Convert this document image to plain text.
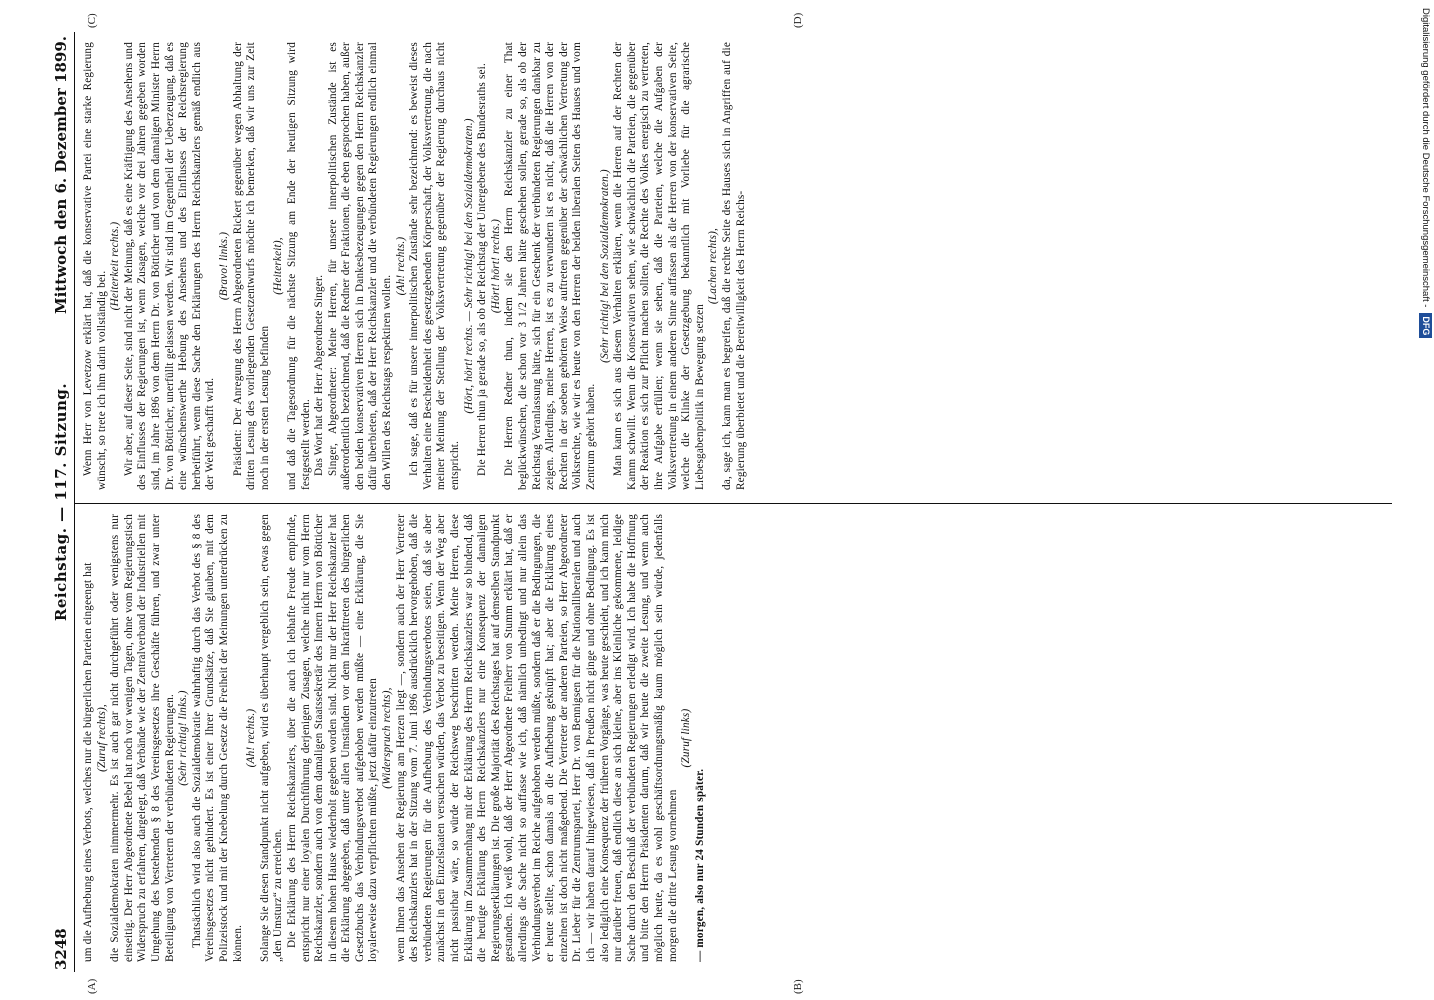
Reichstag. — 117. Sitzung.
3248
Mittwoch den 6. Dezember 1899.
(A)	(B)
(C)	(D)

um die Aufhebung eines Verbots, welches nur die bürgerlichen Parteien eingeengt hat (Zuruf rechts), die Sozialdemokraten nimmermehr. Es ist auch gar nicht durchgeführt oder wenigstens nur einseitig. Der Herr Abgeordnete Bebel hat noch vor wenigen Tagen, ohne vom Regierungstisch Widerspruch zu erfahren, dargelegt, daß Verbände wie der Zentralverband der Industriellen mit Umgehung des bestehenden § 8 des Vereinsgesetzes ihre Geschäfte führen, und zwar unter Beteiligung von Vertretern der verbündeten Regierungen. (Sehr richtig! links.) Thatsächlich wird also auch die Sozialdemokratie wahrhaftig durch das Verbot des § 8 des Vereinsgesetzes nicht gehindert. Es ist einer Ihrer Grundsätze, daß Sie glauben, mit dem Polizeistock und mit der Knebelung durch Gesetze die Freiheit der Meinungen unterdrücken zu können.

(Ah! rechts.) Solange Sie diesen Standpunkt nicht aufgeben, wird es überhaupt vergeblich sein, etwas gegen „den Umsturz“ zu erreichen. Die Erklärung des Herrn Reichskanzlers, über die auch ich lebhafte Freude empfinde, entspricht nur einer loyalen Durchführung derjenigen Zusagen, welche nicht nur vom Herrn Reichskanzler, sondern auch von dem damaligen Staatssekretär des Innern Herrn von Bötticher in diesem hohen Hause wiederholt gegeben worden sind. Nicht nur der Herr Reichskanzler hat die Erklärung abgegeben, daß unter allen Umständen vor dem Inkrafttreten des bürgerlichen Gesetzbuchs das Verbindungsverbot aufgehoben werden müßte — eine Erklärung, die Sie loyalerweise dazu verpflichten müßte, jetzt dafür einzutreten (Widerspruch rechts), wenn Ihnen das Ansehen der Regierung am Herzen liegt —, sondern auch der Herr Vertreter des Reichskanzlers hat in der Sitzung vom 7. Juni 1896 ausdrücklich hervorgehoben, daß die verbündeten Regierungen für die Aufhebung des Verbindungsverbotes seien, daß sie aber zunächst in den Einzelstaaten versuchen würden, das Verbot zu beseitigen. Wenn der Weg aber nicht passirbar wäre, so würde der Reichsweg beschritten werden. Meine Herren, diese Erklärung im Zusammenhang mit der Erklärung des Herrn Reichskanzlers war so bindend, daß die heutige Erklärung des Herrn Reichskanzlers nur eine Konsequenz der damaligen Regierungserklärungen ist. Die große Majorität des Reichstages hat auf demselben Standpunkt gestanden. Ich weiß wohl, daß der Herr Abgeordnete Freiherr von Stumm erklärt hat, daß er allerdings die Sache nicht so auffasse wie ich, daß nämlich unbedingt und nur allein das Verbindungsverbot im Reiche aufgehoben werden müßte, sondern daß er die Bedingungen, die er heute stellte, schon damals an die Aufhebung geknüpft hat; aber die Erklärung eines einzelnen ist doch nicht maßgebend. Die Vertreter der anderen Parteien, so Herr Abgeordneter Dr. Lieber für die Zentrumspartei, Herr Dr. von Bennigsen für die Nationalliberalen und auch ich — wir haben darauf hingewiesen, daß in Preußen nicht ginge und ohne Bedingung. Es ist also lediglich eine Konsequenz der früheren Vorgänge, was heute geschieht, und ich kann mich nur darüber freuen, daß endlich diese an sich kleine, aber ins Kleinliche gekommene, leidige Sache durch den Beschluß der verbündeten Regierungen erledigt wird. Ich habe die Hoffnung und bitte den Herrn Präsidenten darum, daß wir heute die zweite Lesung, und wenn auch möglich heute, da es wohl geschäftsordnungsmäßig kaum möglich sein würde, jedenfalls morgen die dritte Lesung vornehmen

(Zuruf links)

— morgen, also nur 24 Stunden später.

Wenn Herr von Levetzow erklärt hat, daß die konservative Partei eine starke Regierung wünscht, so trete ich ihm darin vollständig bei.

(Heiterkeit rechts.) Wir aber, auf dieser Seite, sind nicht der Meinung, daß es eine Kräftigung des Ansehens und des Einflusses der Regierungen ist, wenn Zusagen, welche vor drei Jahren gegeben worden sind, im Jahre 1896 von dem Herrn Dr. von Bötticher und von dem damaligen Minister Herrn Dr. von Bötticher, unerfüllt gelassen werden. Wir sind im Gegentheil der Ueberzeugung, daß es eine wünschenswerthe Hebung des Ansehens und des Einflusses der Reichsregierung herbeiführt, wenn diese Sache den Erklärungen des Herrn Reichskanzlers gemäß endlich aus der Welt geschafft wird.

(Bravo! links.) Präsident: Der Anregung des Herrn Abgeordneten Rickert gegenüber wegen Abhaltung der dritten Lesung des vorliegenden Gesetzentwurfs möchte ich bemerken, daß wir uns zur Zeit noch in der ersten Lesung befinden

(Heiterkeit), und daß die Tagesordnung für die nächste Sitzung am Ende der heutigen Sitzung wird festgestellt werden. Das Wort hat der Herr Abgeordnete Singer. Singer, Abgeordneter: Meine Herren, für unsere innerpolitischen Zustände ist es außerordentlich bezeichnend, daß die Redner der Fraktionen, die eben gesprochen haben, außer den beiden konservativen Herren sich in Dankesbezeugungen gegen den Herrn Reichskanzler dafür überbieten, daß der Herr Reichskanzler und die verbündeten Regierungen endlich einmal den Willen des Reichstags respektiren wollen.

(Ah! rechts.) Ich sage, daß es für unsere innerpolitischen Zustände sehr bezeichnend: es beweist dieses Verhalten eine Bescheidenheit des gesetzgebenden Körperschaft, der Volksvertretung, die nach meiner Meinung der Stellung der Volksvertretung gegenüber der Regierung durchaus nicht entspricht.

(Hört, hört! rechts. — Sehr richtig! bei den Sozialdemokraten.) Die Herren thun ja gerade so, als ob der Reichstag der Untergebene des Bundesraths sei. (Hört! hört! rechts.) Die Herren Redner thun, indem sie den Herrn Reichskanzler zu einer That beglückwünschen, die schon vor 3 1/2 Jahren hätte geschehen sollen, gerade so, als ob der Reichstag Veranlassung hätte, sich für ein Geschenk der verbündeten Regierungen dankbar zu zeigen. Allerdings, meine Herren, ist es zu verwundern ist es nicht, daß die Herren von der Rechten in der soeben gehörten Weise auftreten gegenüber der schwächlichen Vertretung der Volksrechte, wie wir es heute von den Herren der beiden liberalen Seiten des Hauses und vom Zentrum gehört haben.

(Sehr richtig! bei den Sozialdemokraten.) Man kann es sich aus diesem Verhalten erklären, wenn die Herren auf der Rechten der Kamm schwillt. Wenn die Konservativen sehen, wie schwächlich die Parteien, die gegenüber der Reaktion es sich zur Pflicht machen sollten, die Rechte des Volkes energisch zu vertreten, ihre Aufgabe erfüllen; wenn sie sehen, daß die Parteien, welche die Aufgaben der Volksvertretung in einem anderen Sinne auffassen als die Herren von der konservativen Seite, welche die Klinke der Gesetzgebung bekanntlich mit Vorliebe für die agrarische Liebesgabenpolitik in Bewegung setzen

(Lachen rechts), da, sage ich, kann man es begreifen, daß die rechte Seite des Hauses sich in Angriffen auf die Regierung überbietet und die Bereitwilligkeit des Herrn Reichs-

Digitalisierung gefördert durch die Deutsche Forschungsgemeinschaft -DFG
